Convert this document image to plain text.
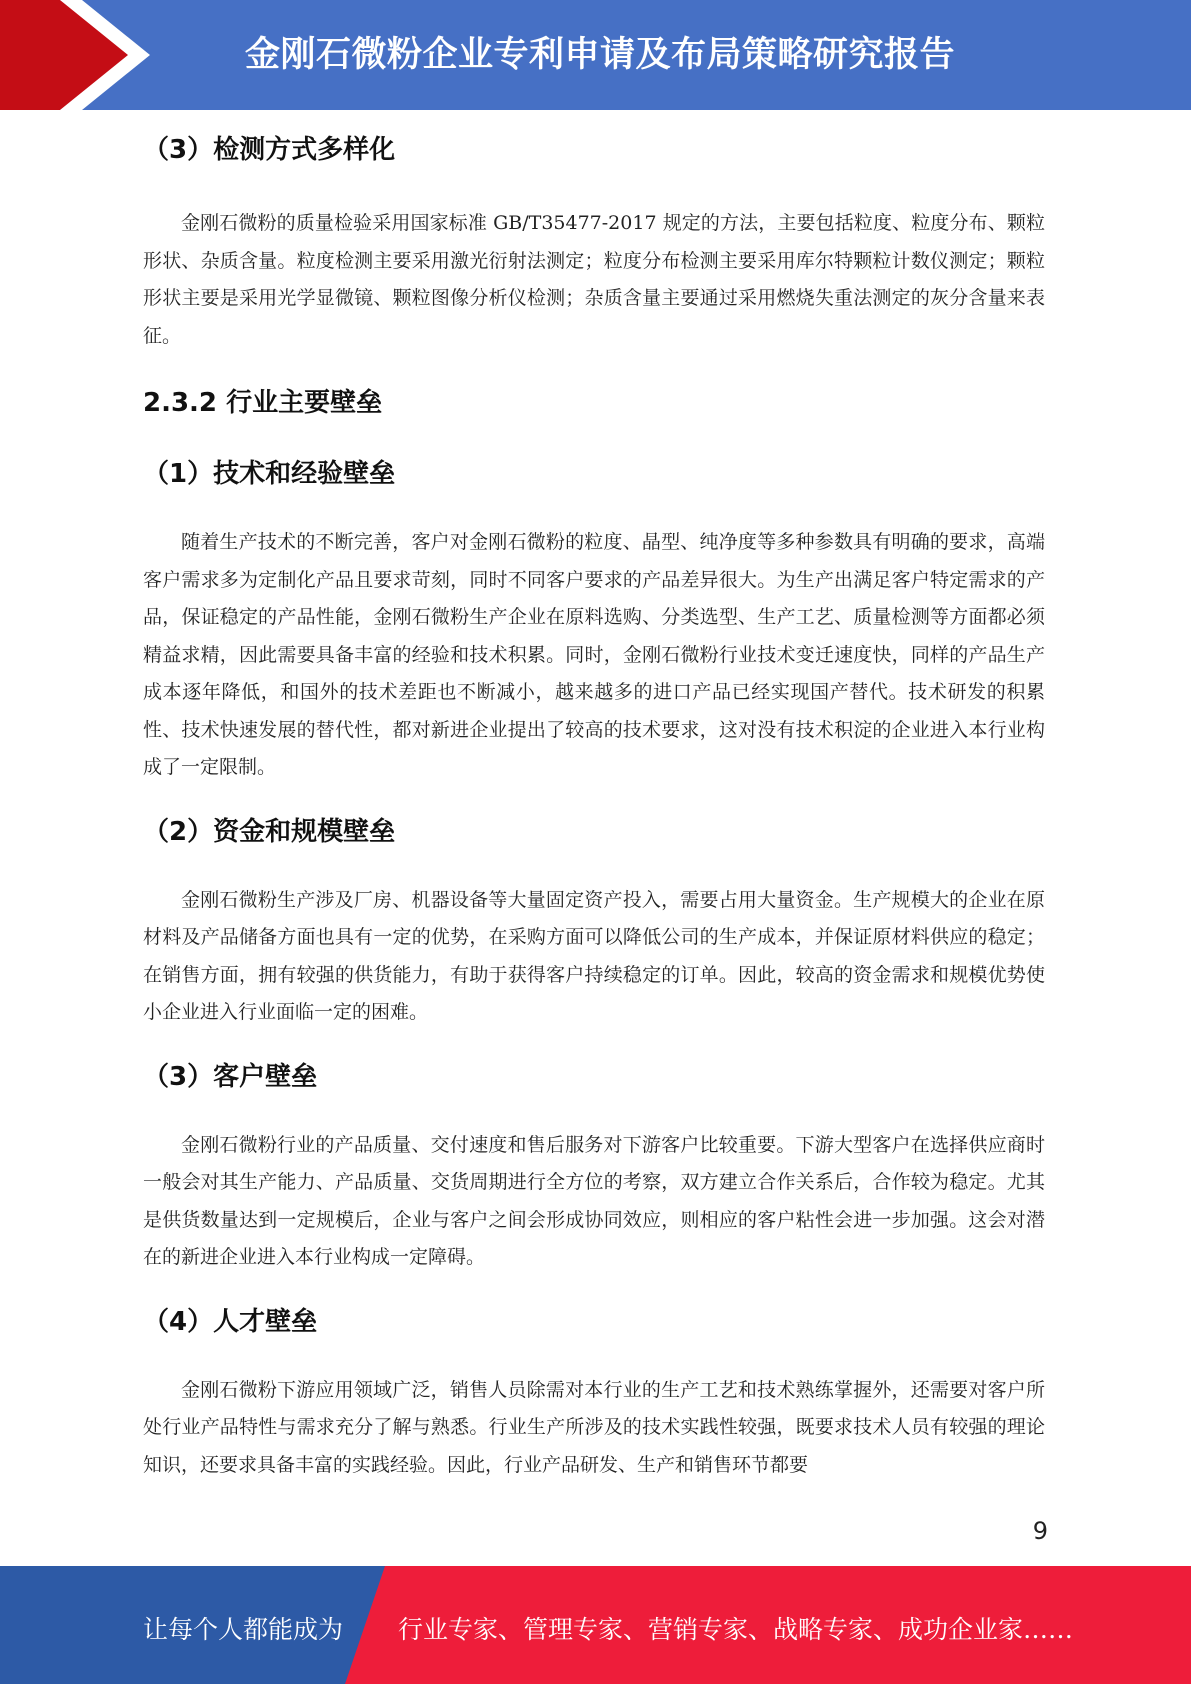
金刚石微粉企业专利申请及布局策略研究报告
（3）检测方式多样化

金刚石微粉的质量检验采用国家标准 GB/T35477-2017 规定的方法，主要包括粒度、粒度分布、颗粒形状、杂质含量。粒度检测主要采用激光衍射法测定；粒度分布检测主要采用库尔特颗粒计数仪测定；颗粒形状主要是采用光学显微镜、颗粒图像分析仪检测；杂质含量主要通过采用燃烧失重法测定的灰分含量来表征。

2.3.2 行业主要壁垒
（1）技术和经验壁垒

随着生产技术的不断完善，客户对金刚石微粉的粒度、晶型、纯净度等多种参数具有明确的要求，高端客户需求多为定制化产品且要求苛刻，同时不同客户要求的产品差异很大。为生产出满足客户特定需求的产品，保证稳定的产品性能，金刚石微粉生产企业在原料选购、分类选型、生产工艺、质量检测等方面都必须精益求精，因此需要具备丰富的经验和技术积累。同时，金刚石微粉行业技术变迁速度快，同样的产品生产成本逐年降低，和国外的技术差距也不断减小，越来越多的进口产品已经实现国产替代。技术研发的积累性、技术快速发展的替代性，都对新进企业提出了较高的技术要求，这对没有技术积淀的企业进入本行业构成了一定限制。

（2）资金和规模壁垒

金刚石微粉生产涉及厂房、机器设备等大量固定资产投入，需要占用大量资金。生产规模大的企业在原材料及产品储备方面也具有一定的优势，在采购方面可以降低公司的生产成本，并保证原材料供应的稳定；在销售方面，拥有较强的供货能力，有助于获得客户持续稳定的订单。因此，较高的资金需求和规模优势使小企业进入行业面临一定的困难。

（3）客户壁垒

金刚石微粉行业的产品质量、交付速度和售后服务对下游客户比较重要。下游大型客户在选择供应商时一般会对其生产能力、产品质量、交货周期进行全方位的考察，双方建立合作关系后，合作较为稳定。尤其是供货数量达到一定规模后，企业与客户之间会形成协同效应，则相应的客户粘性会进一步加强。这会对潜在的新进企业进入本行业构成一定障碍。

（4）人才壁垒

金刚石微粉下游应用领域广泛，销售人员除需对本行业的生产工艺和技术熟练掌握外，还需要对客户所处行业产品特性与需求充分了解与熟悉。行业生产所涉及的技术实践性较强，既要求技术人员有较强的理论知识，还要求具备丰富的实践经验。因此，行业产品研发、生产和销售环节都要

9
让每个人都能成为 行业专家、管理专家、营销专家、战略专家、成功企业家……
